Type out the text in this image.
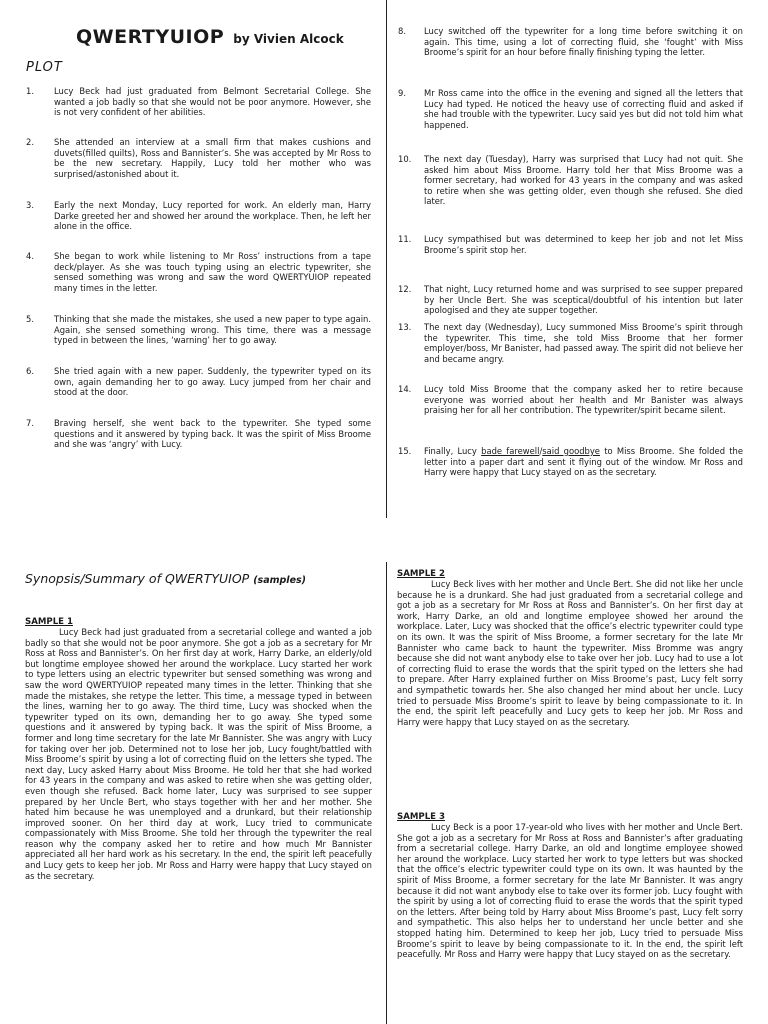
QWERTYUIOP by Vivien Alcock
PLOT
1.	Lucy Beck had just graduated from Belmont Secretarial College. She wanted a job badly so that she would not be poor anymore. However, she is not very confident of her abilities.
2.	She attended an interview at a small firm that makes cushions and duvets(filled quilts), Ross and Bannister’s. She was accepted by Mr Ross to be the new secretary. Happily, Lucy told her mother who was surprised/astonished about it.
3.	Early the next Monday, Lucy reported for work. An elderly man, Harry Darke greeted her and showed her around the workplace. Then, he left her alone in the office.
4.	She began to work while listening to Mr Ross’ instructions from a tape deck/player. As she was touch typing using an electric typewriter, she sensed something was wrong and saw the word QWERTYUIOP repeated many times in the letter.
5.	Thinking that she made the mistakes, she used a new paper to type again. Again, she sensed something wrong. This time, there was a message typed in between the lines, ‘warning’ her to go away.
6.	She tried again with a new paper. Suddenly, the typewriter typed on its own, again demanding her to go away. Lucy jumped from her chair and stood at the door.
7.	Braving herself, she went back to the typewriter. She typed some questions and it answered by typing back. It was the spirit of Miss Broome and she was ‘angry’ with Lucy.
8.	Lucy switched off the typewriter for a long time before switching it on again. This time, using a lot of correcting fluid, she ‘fought’ with Miss Broome’s spirit for an hour before finally finishing typing the letter.
9.	Mr Ross came into the office in the evening and signed all the letters that Lucy had typed. He noticed the heavy use of correcting fluid and asked if she had trouble with the typewriter. Lucy said yes but did not told him what happened.
10.	The next day (Tuesday), Harry was surprised that Lucy had not quit. She asked him about Miss Broome. Harry told her that Miss Broome was a former secretary, had worked for 43 years in the company and was asked to retire when she was getting older, even though she refused. She died later.
11.	Lucy sympathised but was determined to keep her job and not let Miss Broome’s spirit stop her.
12.	That night, Lucy returned home and was surprised to see supper prepared by her Uncle Bert. She was sceptical/doubtful of his intention but later apologised and they ate supper together.
13.	The next day (Wednesday), Lucy summoned Miss Broome’s spirit through the typewriter. This time, she told Miss Broome that her former employer/boss, Mr Banister, had passed away. The spirit did not believe her and became angry.
14.	Lucy told Miss Broome that the company asked her to retire because everyone was worried about her health and Mr Banister was always praising her for all her contribution. The typewriter/spirit became silent.
15.	Finally, Lucy bade farewell/said goodbye to Miss Broome. She folded the letter into a paper dart and sent it flying out of the window. Mr Ross and Harry were happy that Lucy stayed on as the secretary.
Synopsis/Summary of QWERTYUIOP (samples)
SAMPLE 1

Lucy Beck had just graduated from a secretarial college and wanted a job badly so that she would not be poor anymore. She got a job as a secretary for Mr Ross at Ross and Bannister’s. On her first day at work, Harry Darke, an elderly/old but longtime employee showed her around the workplace. Lucy started her work to type letters using an electric typewriter but sensed something was wrong and saw the word QWERTYUIOP repeated many times in the letter. Thinking that she made the mistakes, she retype the letter. This time, a message typed in between the lines, warning her to go away. The third time, Lucy was shocked when the typewriter typed on its own, demanding her to go away. She typed some questions and it answered by typing back. It was the spirit of Miss Broome, a former and long time secretary for the late Mr Bannister. She was angry with Lucy for taking over her job. Determined not to lose her job, Lucy fought/battled with Miss Broome’s spirit by using a lot of correcting fluid on the letters she typed. The next day, Lucy asked Harry about Miss Broome. He told her that she had worked for 43 years in the company and was asked to retire when she was getting older, even though she refused. Back home later, Lucy was surprised to see supper prepared by her Uncle Bert, who stays together with her and her mother. She hated him because he was unemployed and a drunkard, but their relationship improved sooner. On her third day at work, Lucy tried to communicate compassionately with Miss Broome. She told her through the typewriter the real reason why the company asked her to retire and how much Mr Bannister appreciated all her hard work as his secretary. In the end, the spirit left peacefully and Lucy gets to keep her job. Mr Ross and Harry were happy that Lucy stayed on as the secretary.

SAMPLE 2

Lucy Beck lives with her mother and Uncle Bert. She did not like her uncle because he is a drunkard. She had just graduated from a secretarial college and got a job as a secretary for Mr Ross at Ross and Bannister’s. On her first day at work, Harry Darke, an old and longtime employee showed her around the workplace. Later, Lucy was shocked that the office’s electric typewriter could type on its own. It was the spirit of Miss Broome, a former secretary for the late Mr Bannister who came back to haunt the typewriter. Miss Bromme was angry because she did not want anybody else to take over her job. Lucy had to use a lot of correcting fluid to erase the words that the spirit typed on the letters she had to prepare. After Harry explained further on Miss Broome’s past, Lucy felt sorry and sympathetic towards her. She also changed her mind about her uncle. Lucy tried to persuade Miss Broome’s spirit to leave by being compassionate to it. In the end, the spirit left peacefully and Lucy gets to keep her job. Mr Ross and Harry were happy that Lucy stayed on as the secretary.

SAMPLE 3

Lucy Beck is a poor 17-year-old who lives with her mother and Uncle Bert. She got a job as a secretary for Mr Ross at Ross and Bannister’s after graduating from a secretarial college. Harry Darke, an old and longtime employee showed her around the workplace. Lucy started her work to type letters but was shocked that the office’s electric typewriter could type on its own. It was haunted by the spirit of Miss Broome, a former secretary for the late Mr Bannister. It was angry because it did not want anybody else to take over its former job. Lucy fought with the spirit by using a lot of correcting fluid to erase the words that the spirit typed on the letters. After being told by Harry about Miss Broome’s past, Lucy felt sorry and sympathetic. This also helps her to understand her uncle better and she stopped hating him. Determined to keep her job, Lucy tried to persuade Miss Broome’s spirit to leave by being compassionate to it. In the end, the spirit left peacefully. Mr Ross and Harry were happy that Lucy stayed on as the secretary.
